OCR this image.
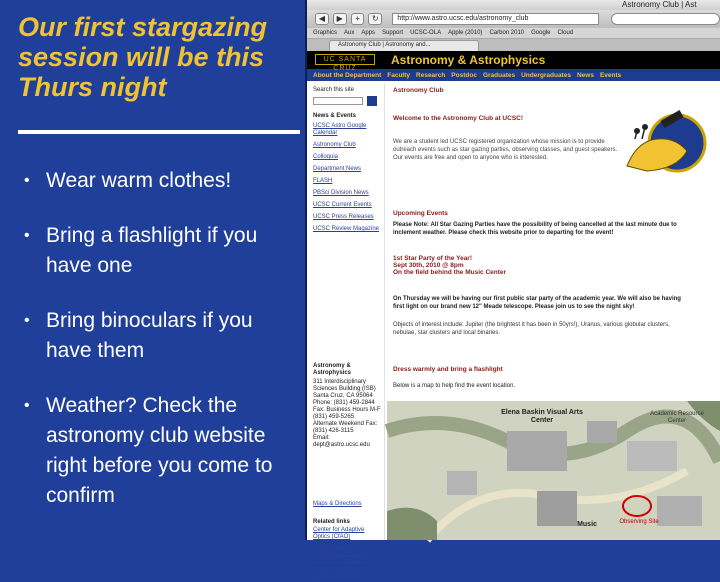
Our first stargazing session will be this Thurs night
• Wear warm clothes!
• Bring a flashlight if you have one
• Bring binoculars if you have them
• Weather? Check the astronomy club website right before you come to confirm
Astronomy Club | Ast
◀	▶	+	↻	http://www.astro.ucsc.edu/astronomy_club
Graphics Aux Apps Support UCSC-OLA Apple (2010) Carbon 2010 Google Cloud
Astronomy Club | Astronomy and...
UC SANTA CRUZ
Astronomy & Astrophysics
About the Department Faculty Research Postdoc Graduates Undergraduates News Events
Search this site
News & Events
UCSC Astro Google Calendar
Astronomy Club
Colloquia
Department News
FLASH
PBSci Division News
UCSC Current Events
UCSC Press Releases
UCSC Review Magazine
Astronomy & Astrophysics
311 Interdisciplinary Sciences Building (ISB)
Santa Cruz, CA 95064
Phone: (831) 459-2844
Fax: Business Hours M-F (831) 459-5265
Alternate Weekend Fax: (831) 426-3115
Email:
dept@astro.ucsc.edu
Maps & Directions
Related links
Center for Adaptive Optics (CfAO)
Center for Origin, Dynamics, and Evolution of Planets (CODEP)
Division of Physical & Biological Sciences
Astronomy Club
Welcome to the Astronomy Club at UCSC!
We are a student led UCSC registered organization whose mission is to provide outreach events such as star gazing parties, observing classes, and guest speakers. Our events are free and open to anyone who is interested.
Upcoming Events
Please Note: All Star Gazing Parties have the possibility of being cancelled at the last minute due to inclement weather. Please check this website prior to departing for the event!
1st Star Party of the Year!
Sept 30th, 2010 @ 8pm
On the field behind the Music Center
On Thursday we will be having our first public star party of the academic year. We will also be having first light on our brand new 12" Meade telescope. Please join us to see the night sky!
Objects of interest include: Jupiter (the brightest it has been in 50yrs!), Uranus, various globular clusters, nebulae, star clusters and local binaries.
Dress warmly and bring a flashlight
Below is a map to help find the event location.
Elena Baskin Visual Arts Center
Academic Resource Center
Music	Observing Site
